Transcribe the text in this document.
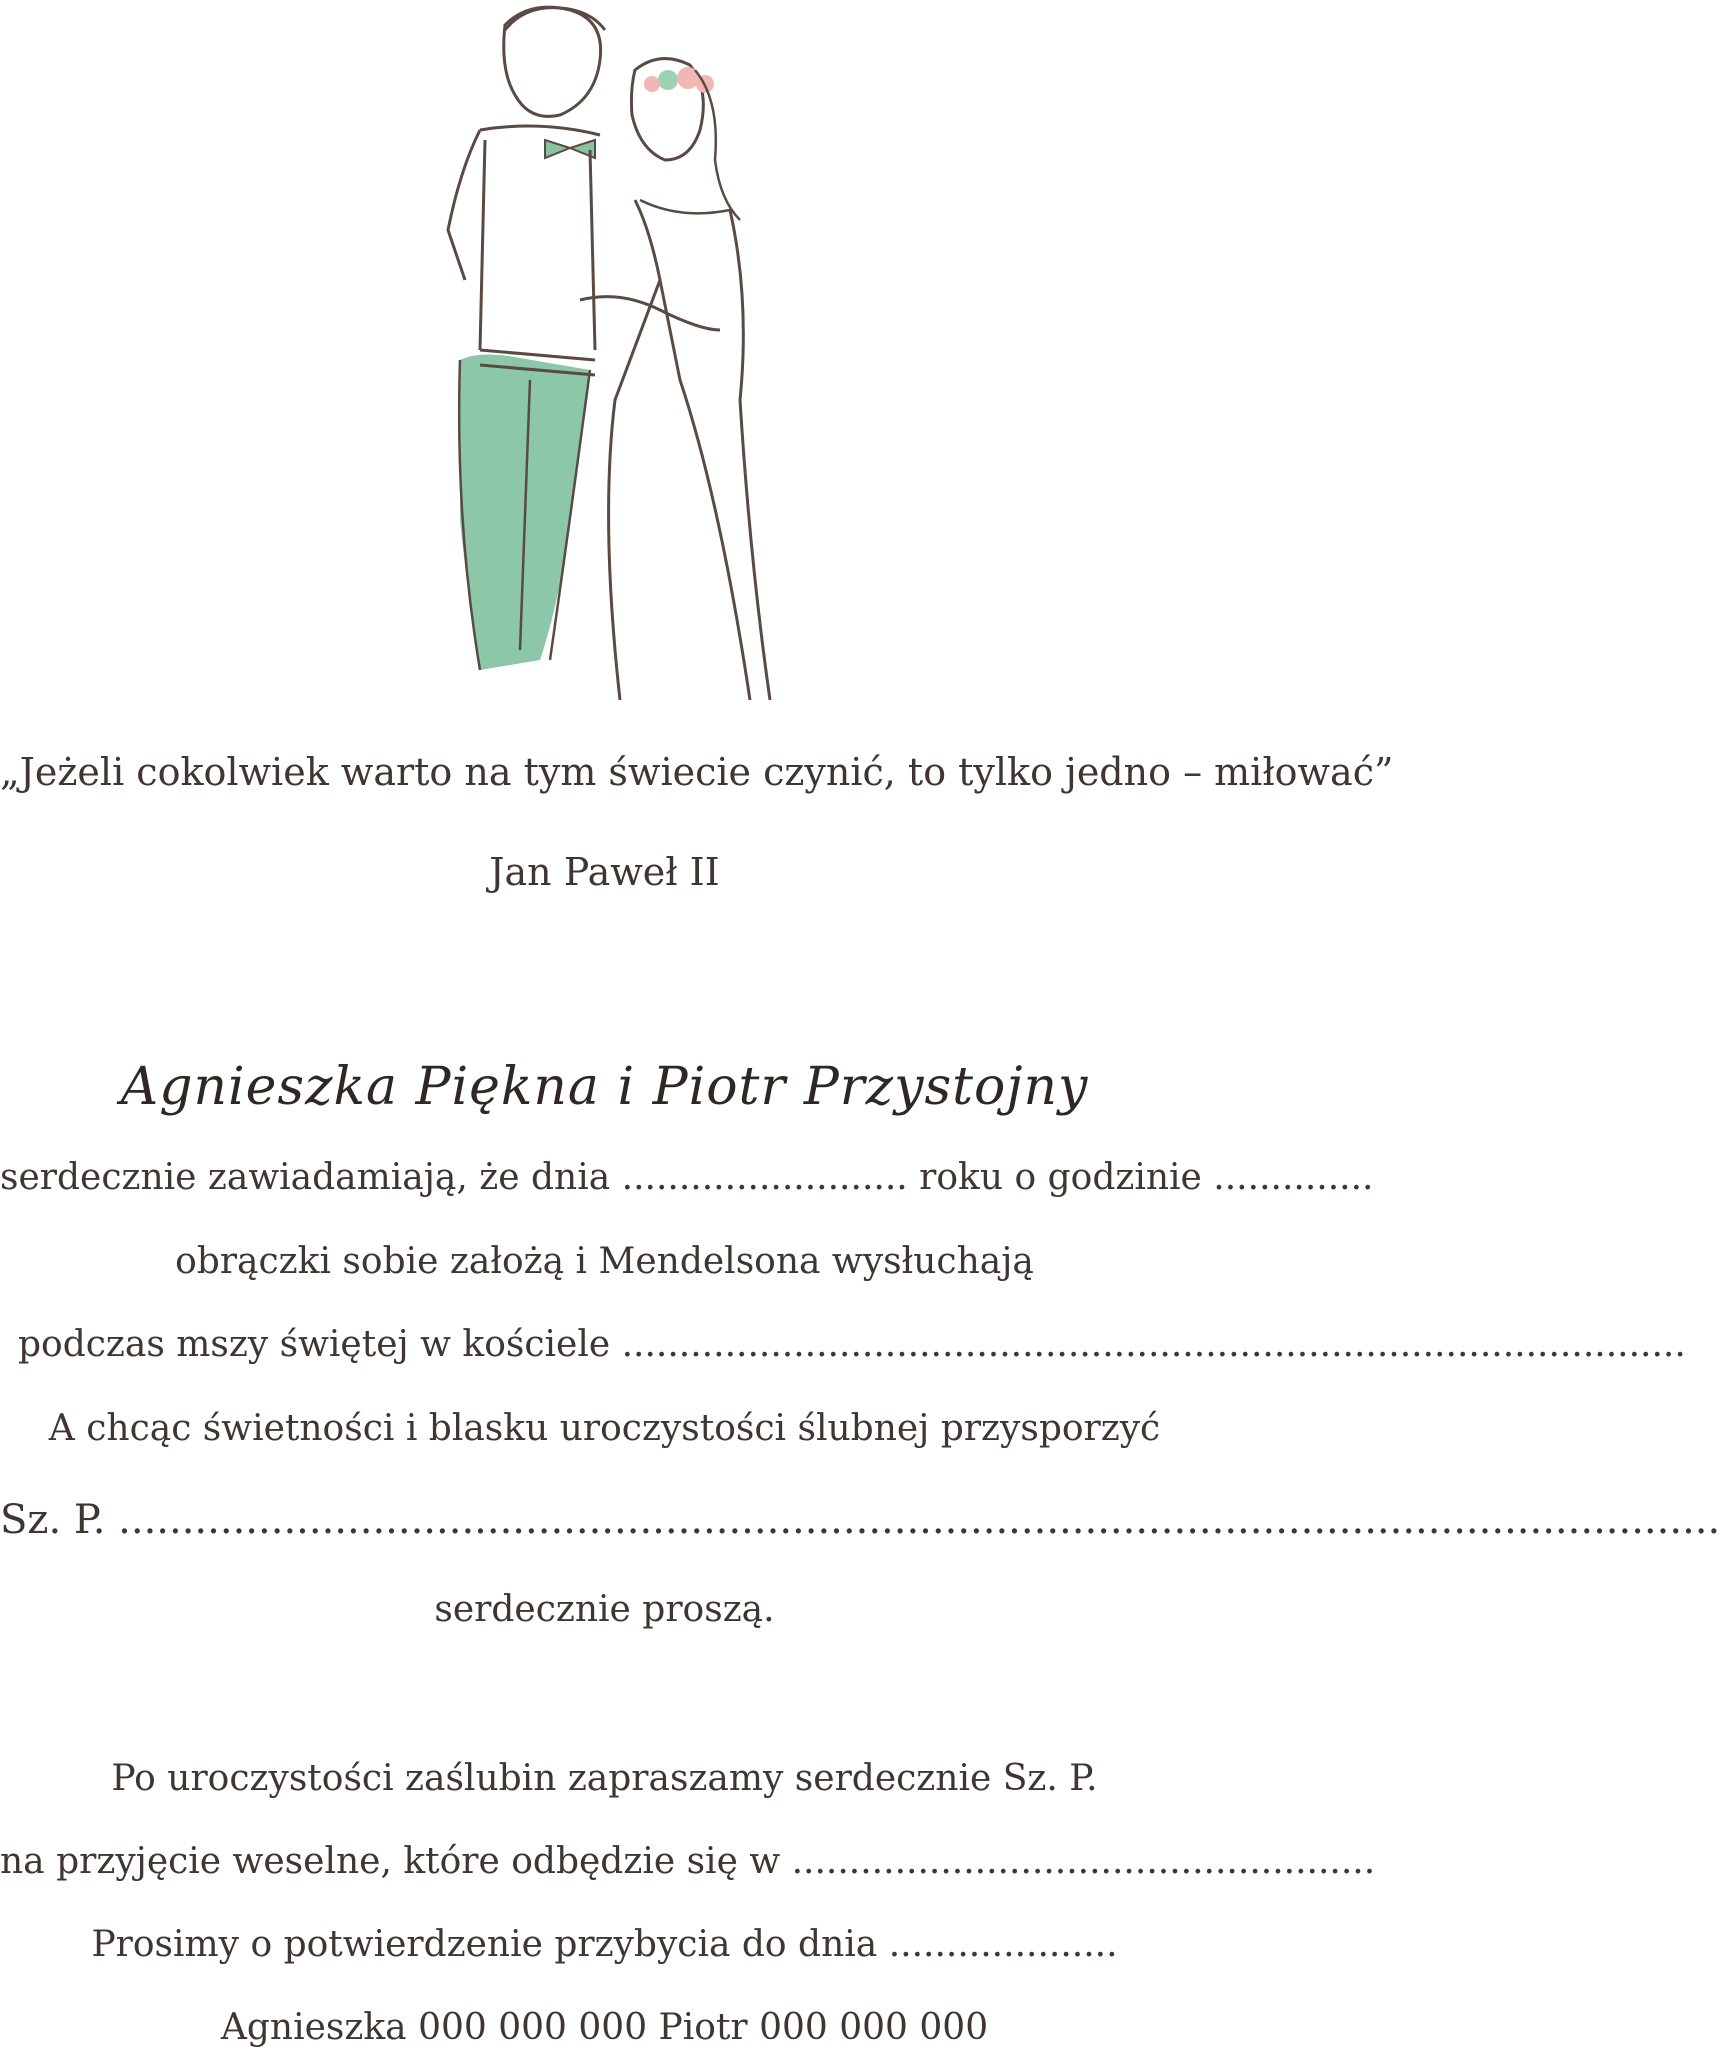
„Jeżeli cokolwiek warto na tym świecie czynić, to tylko jedno – miłować”
Jan Paweł II
Agnieszka Piękna i Piotr Przystojny
serdecznie zawiadamiają, że dnia ......................... roku o godzinie ..............
obrączki sobie założą i Mendelsona wysłuchają
podczas mszy świętej w kościele .............................................................................................
A chcąc świetności i blasku uroczystości ślubnej przysporzyć
Sz. P. ..............................................................................................................................
serdecznie proszą.
Po uroczystości zaślubin zapraszamy serdecznie Sz. P.
na przyjęcie weselne, które odbędzie się w ...................................................
Prosimy o potwierdzenie przybycia do dnia ....................
Agnieszka 000 000 000 Piotr 000 000 000
